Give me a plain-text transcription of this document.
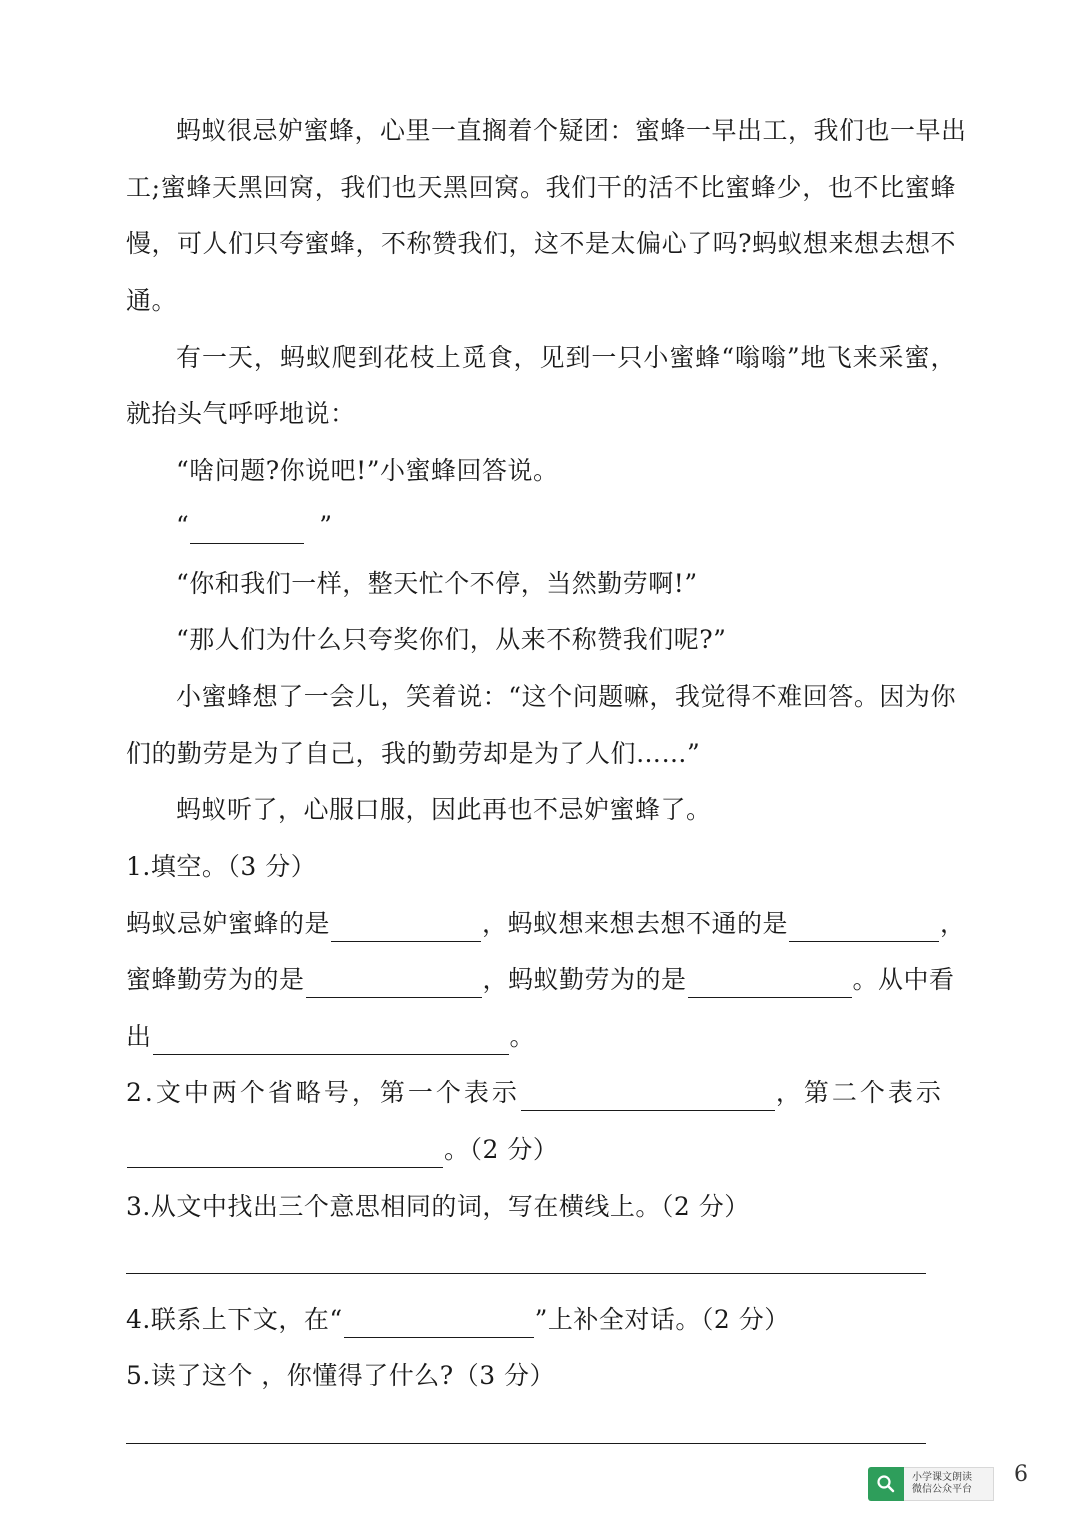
蚂蚁很忌妒蜜蜂，心里一直搁着个疑团：蜜蜂一早出工，我们也一早出
工;蜜蜂天黑回窝，我们也天黑回窝。我们干的活不比蜜蜂少，也不比蜜蜂
慢，可人们只夸蜜蜂，不称赞我们，这不是太偏心了吗?蚂蚁想来想去想不
通。
有一天，蚂蚁爬到花枝上觅食，见到一只小蜜蜂“嗡嗡”地飞来采蜜，
就抬头气呼呼地说：
“啥问题?你说吧!”小蜜蜂回答说。
“	”
“你和我们一样，整天忙个不停，当然勤劳啊!”
“那人们为什么只夸奖你们，从来不称赞我们呢?”
小蜜蜂想了一会儿，笑着说：“这个问题嘛，我觉得不难回答。因为你
们的勤劳是为了自己，我的勤劳却是为了人们……”
蚂蚁听了，心服口服，因此再也不忌妒蜜蜂了。
1.填空。（3 分）
蚂蚁忌妒蜜蜂的是	，蚂蚁想来想去想不通的是	，
蜜蜂勤劳为的是	，蚂蚁勤劳为的是	。从中看
出	。
2.文中两个省略号，第一个表示	，第二个表示
。（2 分）
3.从文中找出三个意思相同的词，写在横线上。（2 分）
4.联系上下文，在“	”上补全对话。（2 分）
5.读了这个 ，你懂得了什么?（3 分）
小学课文朗读
微信公众平台
6
